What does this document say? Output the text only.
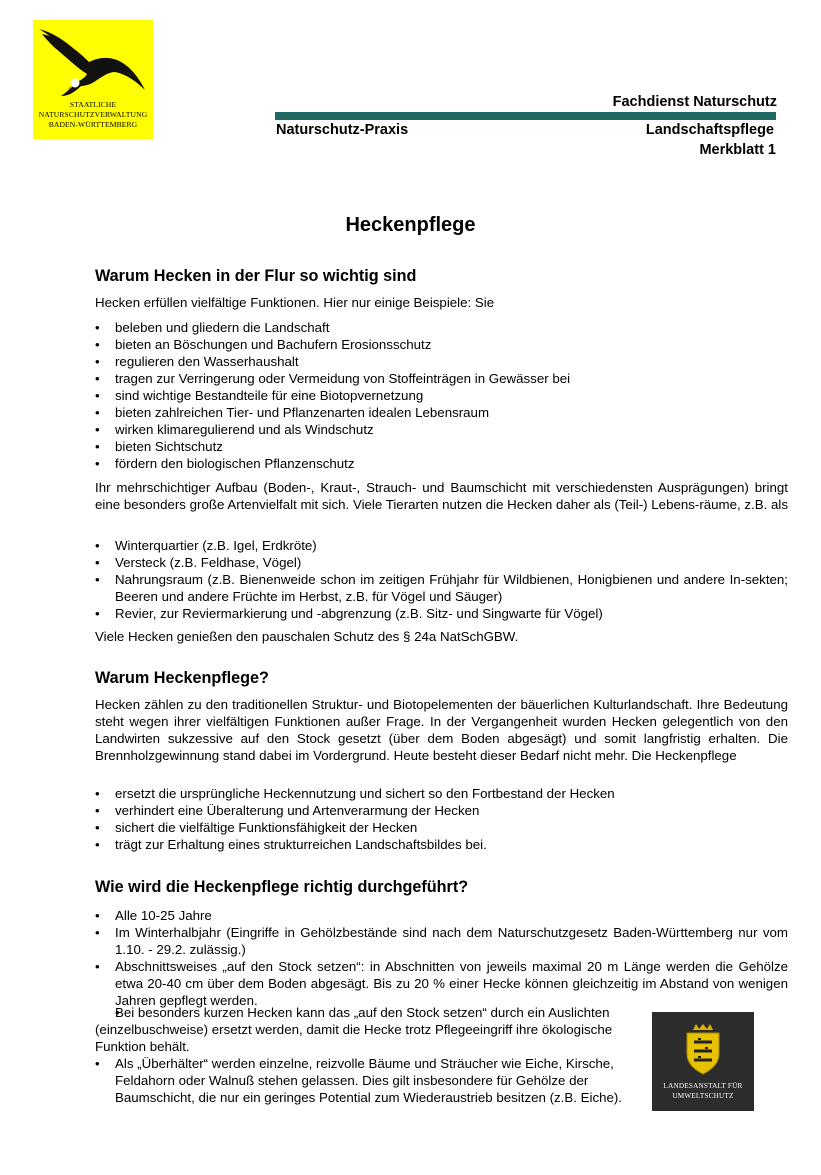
STAATLICHE
NATURSCHUTZVERWALTUNG
BADEN-WÜRTTEMBERG
Fachdienst Naturschutz
Naturschutz-Praxis	Landschaftspflege
Merkblatt 1
Heckenpflege
Warum Hecken in der Flur so wichtig sind
Hecken erfüllen vielfältige Funktionen. Hier nur einige Beispiele: Sie
• beleben und gliedern die Landschaft
• bieten an Böschungen und Bachufern Erosionsschutz
• regulieren den Wasserhaushalt
• tragen zur Verringerung oder Vermeidung von Stoffeinträgen in Gewässer bei
• sind wichtige Bestandteile für eine Biotopvernetzung
• bieten zahlreichen Tier- und Pflanzenarten idealen Lebensraum
• wirken klimaregulierend und als Windschutz
• bieten Sichtschutz
• fördern den biologischen Pflanzenschutz
Ihr mehrschichtiger Aufbau (Boden-, Kraut-, Strauch- und Baumschicht mit verschiedensten Ausprägungen) bringt eine besonders große Artenvielfalt mit sich. Viele Tierarten nutzen die Hecken daher als (Teil-) Lebens-räume, z.B. als
• Winterquartier (z.B. Igel, Erdkröte)
• Versteck (z.B. Feldhase, Vögel)
• Nahrungsraum (z.B. Bienenweide schon im zeitigen Frühjahr für Wildbienen, Honigbienen und andere In-sekten; Beeren und andere Früchte im Herbst, z.B. für Vögel und Säuger)
• Revier, zur Reviermarkierung und -abgrenzung (z.B. Sitz- und Singwarte für Vögel)
Viele Hecken genießen den pauschalen Schutz des § 24a NatSchGBW.
Warum Heckenpflege?
Hecken zählen zu den traditionellen Struktur- und Biotopelementen der bäuerlichen Kulturlandschaft. Ihre Bedeutung steht wegen ihrer vielfältigen Funktionen außer Frage. In der Vergangenheit wurden Hecken gelegentlich von den Landwirten sukzessive auf den Stock gesetzt (über dem Boden abgesägt) und somit langfristig erhalten. Die Brennholzgewinnung stand dabei im Vordergrund. Heute besteht dieser Bedarf nicht mehr. Die Heckenpflege
• ersetzt die ursprüngliche Heckennutzung und sichert so den Fortbestand der Hecken
• verhindert eine Überalterung und Artenverarmung der Hecken
• sichert die vielfältige Funktionsfähigkeit der Hecken
• trägt zur Erhaltung eines strukturreichen Landschaftsbildes bei.
Wie wird die Heckenpflege richtig durchgeführt?
• Alle 10-25 Jahre
• Im Winterhalbjahr (Eingriffe in Gehölzbestände sind nach dem Naturschutzgesetz Baden-Württemberg nur vom 1.10. - 29.2. zulässig.)
• Abschnittsweises „auf den Stock setzen“: in Abschnitten von jeweils maximal 20 m Länge werden die Gehölze etwa 20-40 cm über dem Boden abgesägt. Bis zu 20 % einer Hecke können gleichzeitig im Abstand von wenigen Jahren gepflegt werden.
• Bei besonders kurzen Hecken kann das „auf den Stock setzen“ durch ein Auslichten (einzelbuschweise) ersetzt werden, damit die Hecke trotz Pflegeeingriff ihre ökologische Funktion behält.
• Als „Überhälter“ werden einzelne, reizvolle Bäume und Sträucher wie Eiche, Kirsche, Feldahorn oder Walnuß stehen gelassen. Dies gilt insbesondere für Gehölze der Baumschicht, die nur ein geringes Potential zum Wiederaustrieb besitzen (z.B. Eiche).
LANDESANSTALT FÜR
UMWELTSCHUTZ
